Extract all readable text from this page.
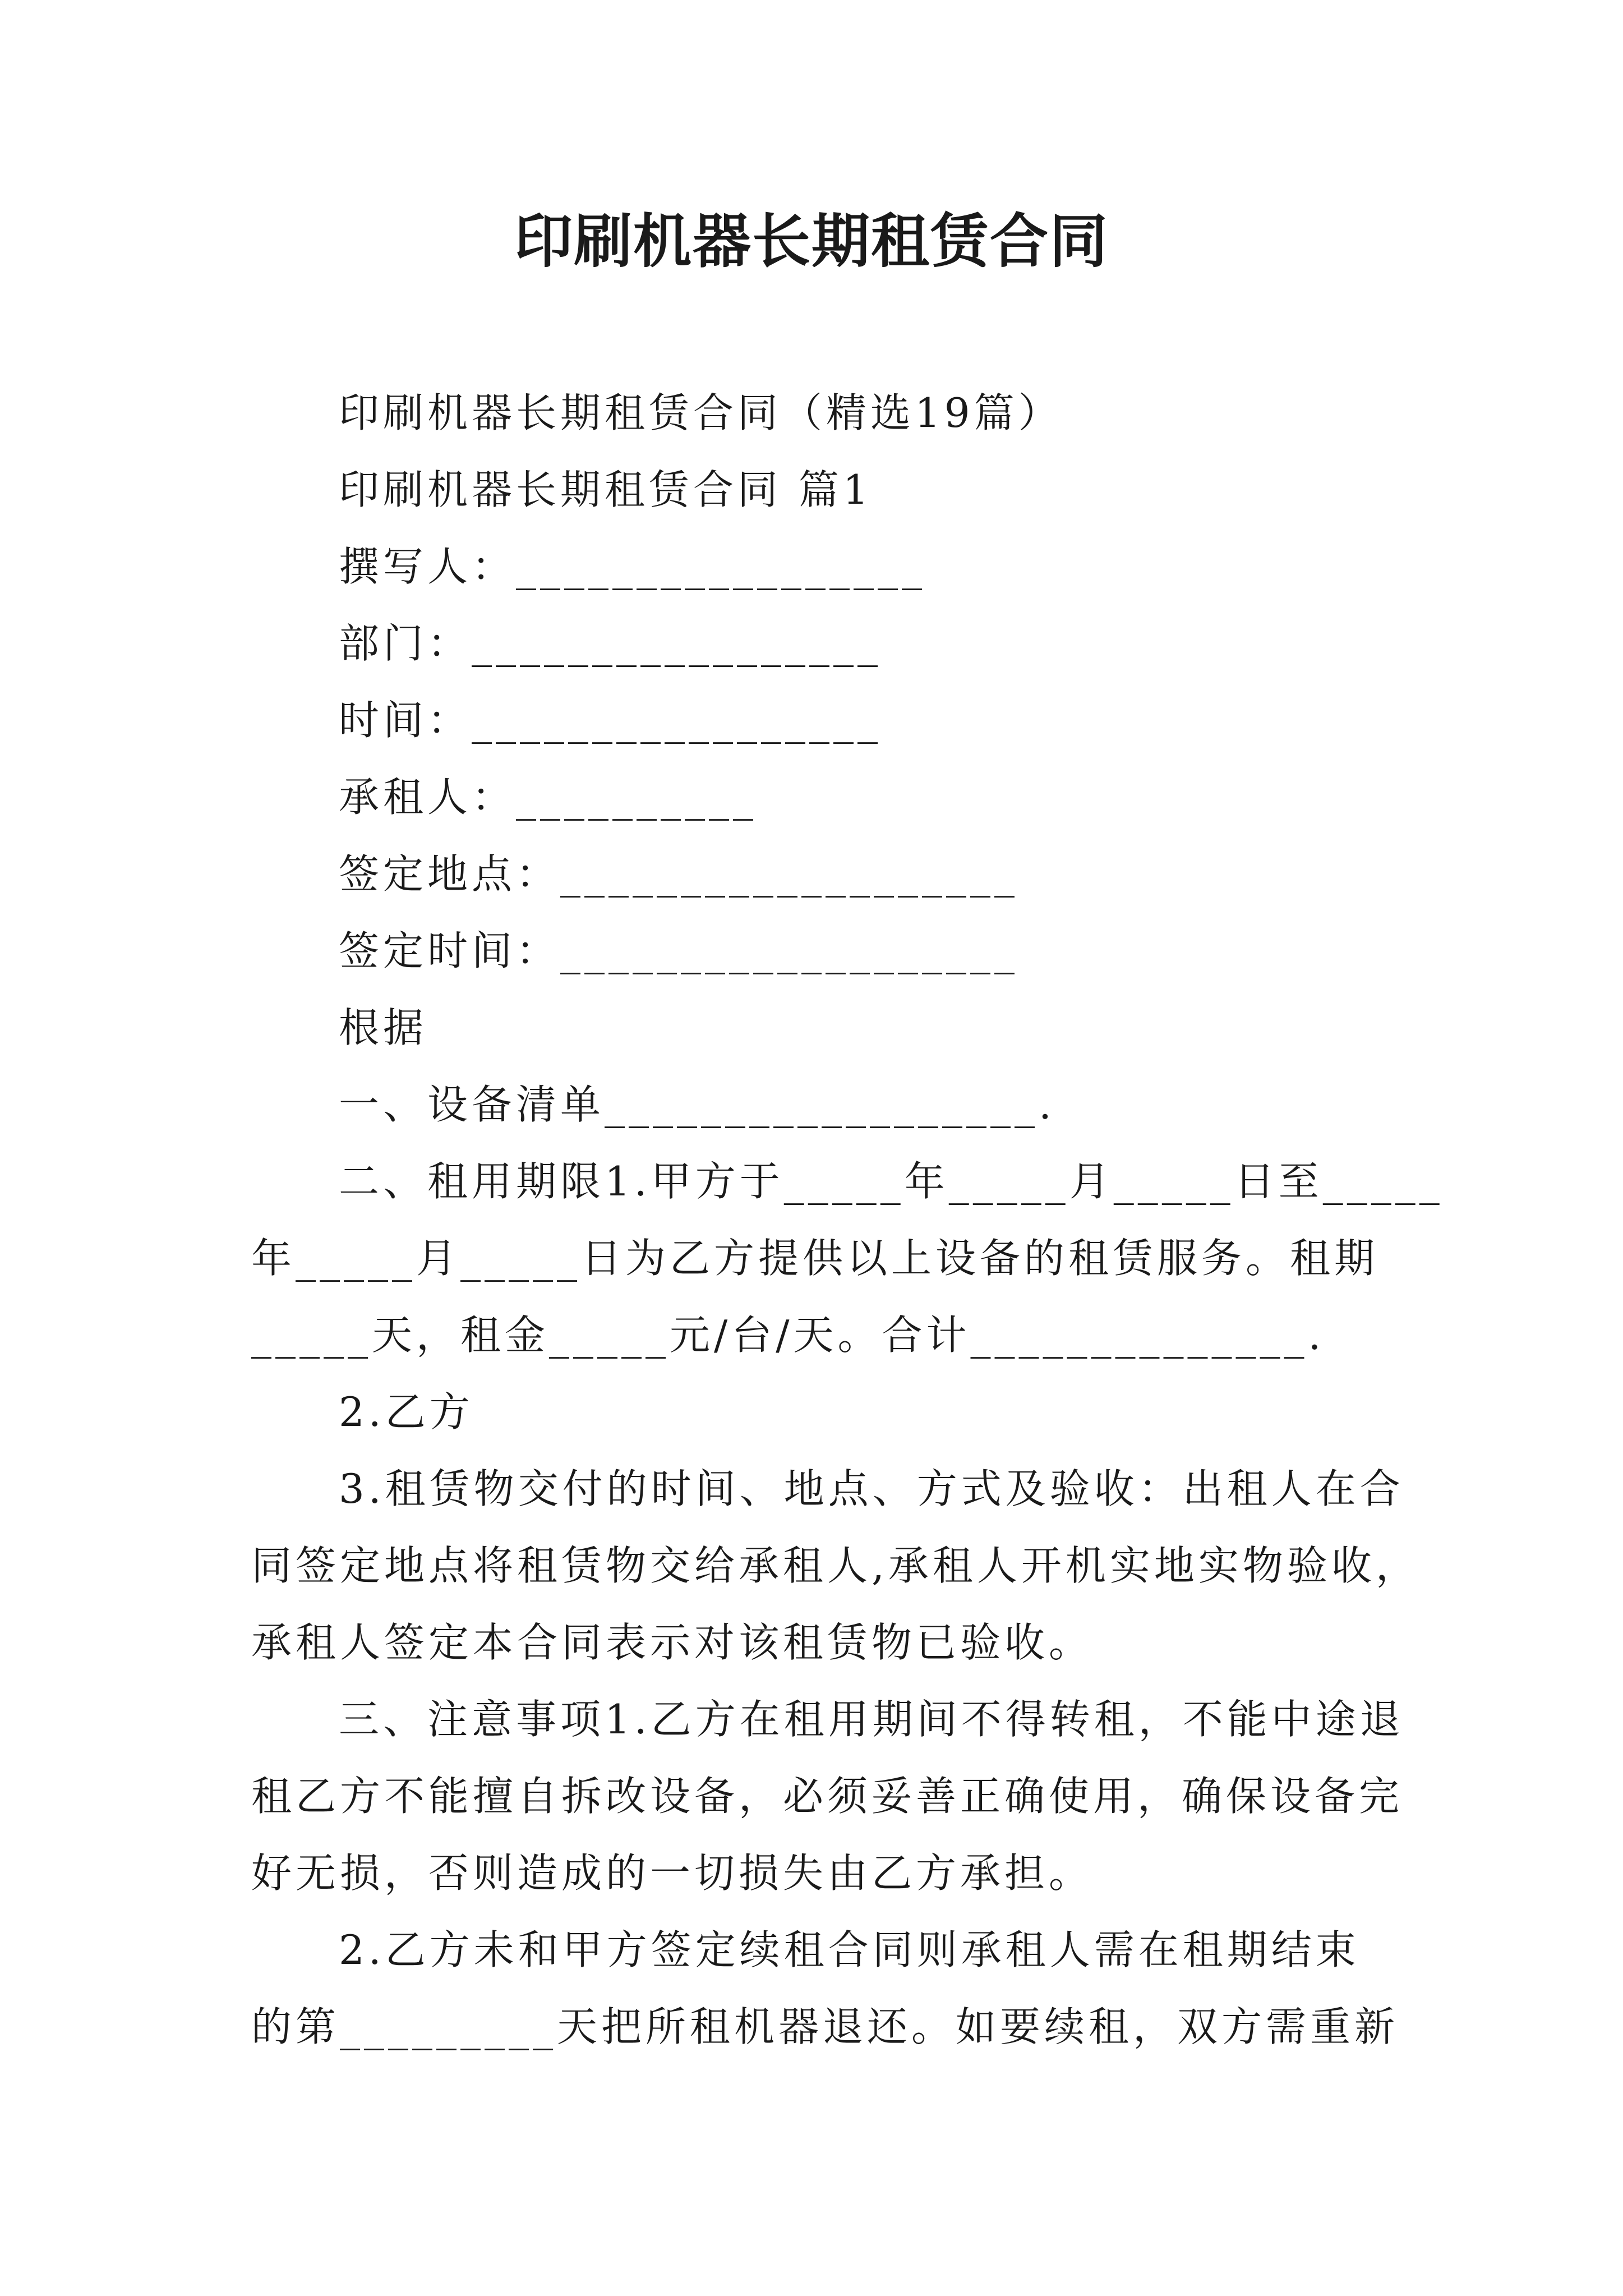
印刷机器长期租赁合同
印刷机器长期租赁合同（精选19篇）
印刷机器长期租赁合同 篇1
撰写人：_________________
部门：_________________
时间：_________________
承租人：__________
签定地点：___________________
签定时间：___________________
根据
一、设备清单__________________.
二、租用期限1.甲方于_____年_____月_____日至_____
年_____月_____日为乙方提供以上设备的租赁服务。租期
_____天，租金_____元/台/天。合计______________.
2.乙方
3.租赁物交付的时间、地点、方式及验收：出租人在合
同签定地点将租赁物交给承租人,承租人开机实地实物验收，
承租人签定本合同表示对该租赁物已验收。
三、注意事项1.乙方在租用期间不得转租，不能中途退
租乙方不能擅自拆改设备，必须妥善正确使用，确保设备完
好无损，否则造成的一切损失由乙方承担。
2.乙方未和甲方签定续租合同则承租人需在租期结束
的第_________天把所租机器退还。如要续租，双方需重新
